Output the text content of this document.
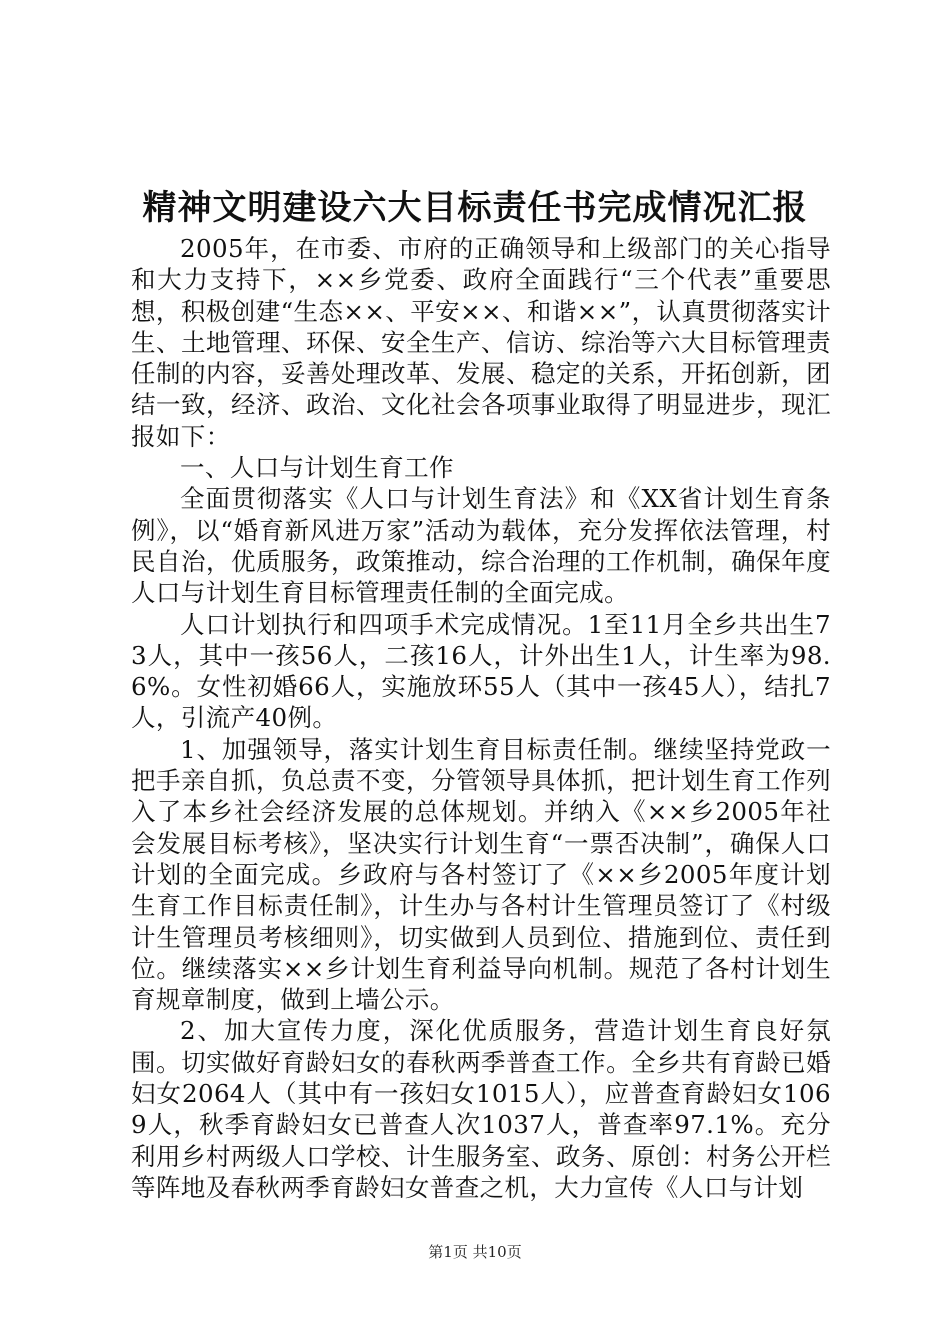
精神文明建设六大目标责任书完成情况汇报

2005年，在市委、市府的正确领导和上级部门的关心指导和大力支持下，××乡党委、政府全面践行“三个代表”重要思想，积极创建“生态××、平安××、和谐××”，认真贯彻落实计生、土地管理、环保、安全生产、信访、综治等六大目标管理责任制的内容，妥善处理改革、发展、稳定的关系，开拓创新，团结一致，经济、政治、文化社会各项事业取得了明显进步，现汇报如下：

一、人口与计划生育工作

全面贯彻落实《人口与计划生育法》和《XX省计划生育条例》，以“婚育新风进万家”活动为载体，充分发挥依法管理，村民自治，优质服务，政策推动，综合治理的工作机制，确保年度人口与计划生育目标管理责任制的全面完成。

人口计划执行和四项手术完成情况。1至11月全乡共出生73人，其中一孩56人，二孩16人，计外出生1人，计生率为98.6%。女性初婚66人，实施放环55人（其中一孩45人），结扎7人，引流产40例。

1、加强领导，落实计划生育目标责任制。继续坚持党政一把手亲自抓，负总责不变，分管领导具体抓，把计划生育工作列入了本乡社会经济发展的总体规划。并纳入《××乡2005年社会发展目标考核》，坚决实行计划生育“一票否决制”，确保人口计划的全面完成。乡政府与各村签订了《××乡2005年度计划生育工作目标责任制》，计生办与各村计生管理员签订了《村级计生管理员考核细则》，切实做到人员到位、措施到位、责任到位。继续落实××乡计划生育利益导向机制。规范了各村计划生育规章制度，做到上墙公示。

2、加大宣传力度，深化优质服务，营造计划生育良好氛围。切实做好育龄妇女的春秋两季普查工作。全乡共有育龄已婚妇女2064人（其中有一孩妇女1015人），应普查育龄妇女1069人，秋季育龄妇女已普查人次1037人，普查率97.1%。充分利用乡村两级人口学校、计生服务室、政务、原创：村务公开栏等阵地及春秋两季育龄妇女普查之机，大力宣传《人口与计划

第1页 共10页
